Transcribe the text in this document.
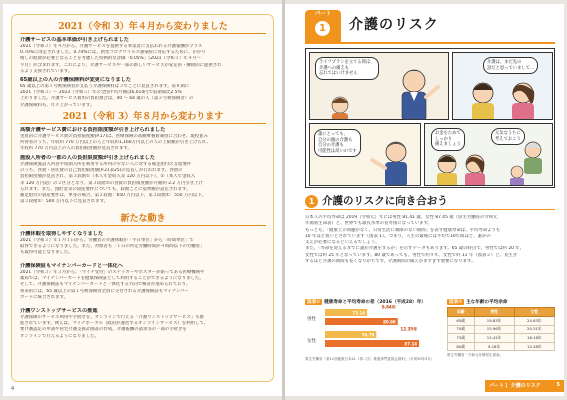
2021（令和 3）年４月から変わりました
介護サービスの基本単価が引き上げられました
2021（令和３）年４月から、介護サービスを提供する事業者に支払われる介護報酬がプラス
0.70%に改定されました。0.70%には、新型コロナウイルス感染症に対応するために、かかり
増しの経費が必要となることを考慮した特例的な評価「0.05%」（2021（令和３）年４月〜
９月）が含まれます。これにより、介護サービスや一部の新しいサービスが安定的・継続的に提供され
るよう支援されています。
65歳以上の人の介護保険料が変更になりました
65 歳以上の第１号被保険者が支払う介護保険料は３年ごとに見直されます。第８期に
2021（令和３）〜 2023（令和５）年の全国平均月額は6,014円で前期間比2.5%
上がりました。介護サービス費用の負担割合は、40 〜 64 歳の人（第２号被保険者）の
介護保険料も、年々上がっています。
2021（令和 3）年８月から変わります
高額介護サービス費における負担限度額が引き上げられました
実質的に介護サービス費の負担限度額(P.17)は、医療保険の高額療養費制度に合わせ、現役並み
所得者のうち、年収約 770 万円以上の人と年収約1,160万円以上の人の上限額が引き上げられ、
年収約 770 万円以上の人の負担限度額が見直されます。
施設入所者の一部の人の負担限度額が引き上げられました
介護保険施設入所者や短期入所を利用する所得の少ない人に対する補足給付の支給要件
のうち、食費・居住費の自己負担限度額(P.21表25)の見直しが行われます。食費の
負担限度額が見直され、第３段階①（本人年金収入等 120 万円以下）、②（本人年金収入
等 120 万円超）の２区分となり、第３段階②の食費の負担限度額が月額約 2.2 万円引き上げ
られます。また、預貯金等の資産要件についても、段階ごとに基準額が設定されます。
補足給付の資産要件は、単身の場合、第２段階：650 万円以下、第３段階①：550 万円以下、
第３段階②：500 万円以下に見直されます。
新たな動き
介護休暇を取得しやすくなりました
2021（令和３）年１月１日から、労働者の介護休暇が「半日単位」から「時間単位」で
取得できるようになりました。また、対象者も「１日の所定労働時間が４時間以下の労働者」
も取得可能となりました。
介護保険証もマイナンバーカードと一体化へ
2021（令和３）年３月から、「マイナ受付」のステッカーやポスターが貼ってある医療機関や
薬局では、マイナンバーカードを健康保険証として利用することができるようになりました。
そして、介護保険証もマイナンバーカードと一体化する方向で検討が進められており、
将来的には、65 歳以上の第１号被保険者全員に交付される介護保険証もマイナンバー
カードに統合されます。
介護ワンストップサービスの推進
介護保険のサービス利用や手続きを、オンラインで行える「介護ワンストップサービス」も推
進されています。例えば、マイナポータル（政府が運営するオンラインサービス）を利用して、
要介護認定の申請や居宅介護支援計画書の作成、介護報酬の請求等の一部の手続きを
オンラインで行えるようになりました。
4
パート
1 介護のリスク
ライフプランを立てる時は、
介護への備えも
忘れてはいけません
介護は、まだ先の
話だと思っていまして…
誰にとっても、
自分の親の介護も
自分の介護も
可能性は高いのです
元気なうちに
考えておこう
お金をためて
しっかり
備えましょう
1 介護のリスクに向き合おう
日本人の平均寿命は 2019（令和元）年には男性 81.41 歳、女性 87.45 歳（厚生労働省の令和元
年簡易生命表）と、世界でも最長水準の長寿国になっています。
もっとも、「健康上の問題がなく、日常生活に制限のない期間」を表す健康寿命は、平均寿命よりも
10 年ほど短いとされています（図表 1）。つまり、人生の最後には平均で10年間ほど、誰かの
支えが必要になるといえるでしょう。
また、「寿命を迎えるまでに誰が介護をするか」を示すデータもあります。65 歳の時点で、男性では約 20 年、
女性では約 25 年となっています。80 歳であっても、男性で約９年、女性で約 11 年（図表２）と、長生き
するほど介護の期間も長くなりがちです。介護期間の備えがますます重要になります。
図表① 健康寿命と平均寿命の差（2016（平成28）年）
男性
72.14
80.98
8.84年
女性
74.79
87.14
12.35年
厚生労働省「第11回健康日本21（第二次）推進専門委員会資料」（平成30年3月）
図表② 主な年齢の平均余命
年齢	男性	女性
65歳	19.83年	24.63年
70歳	15.96年	20.31年
75歳	12.41年	16.16年
80歳	9.18年	12.28年
厚生労働省「令和元年簡易生命表」
パート１ 介護のリスク	5
